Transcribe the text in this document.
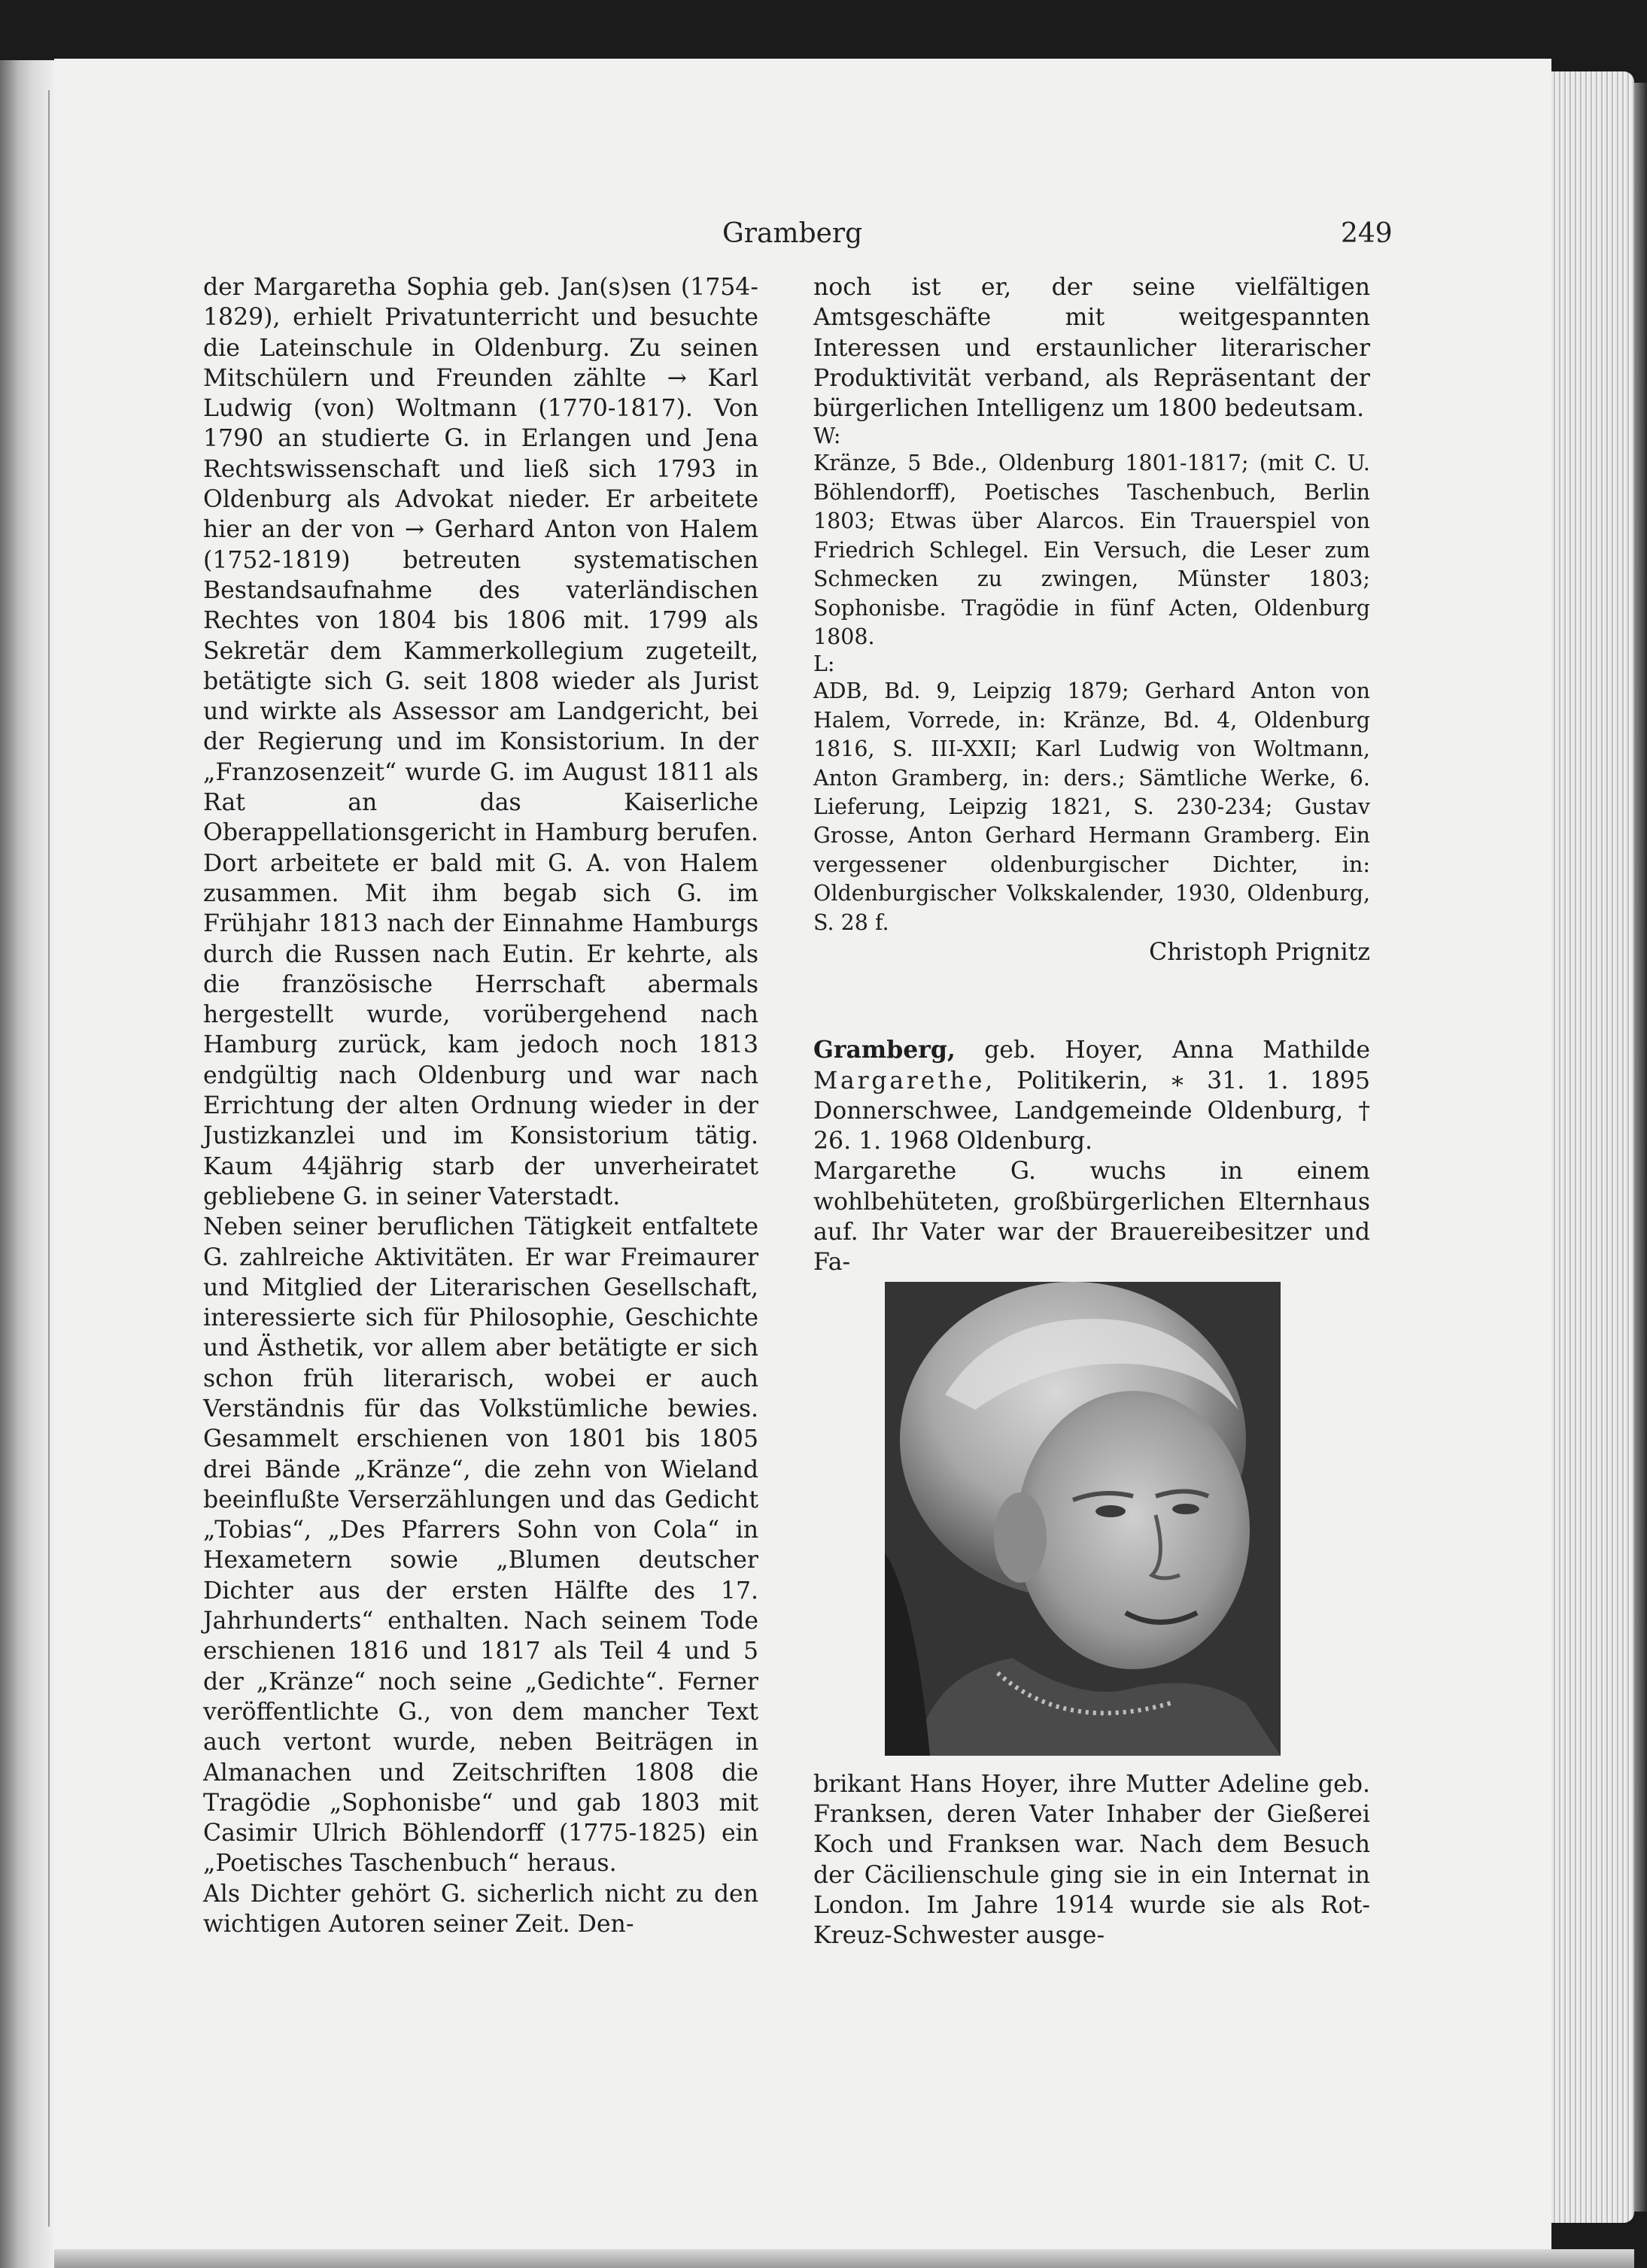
Gramberg	249

der Margaretha Sophia geb. Jan(s)sen (1754-1829), erhielt Privatunterricht und besuchte die Lateinschule in Oldenburg. Zu seinen Mitschülern und Freunden zählte → Karl Ludwig (von) Woltmann (1770-1817). Von 1790 an studierte G. in Erlangen und Jena Rechtswissenschaft und ließ sich 1793 in Oldenburg als Advokat nieder. Er arbeitete hier an der von → Gerhard Anton von Halem (1752-1819) betreuten systematischen Bestandsaufnahme des vaterländischen Rechtes von 1804 bis 1806 mit. 1799 als Sekretär dem Kammerkollegium zugeteilt, betätigte sich G. seit 1808 wieder als Jurist und wirkte als Assessor am Landgericht, bei der Regierung und im Konsistorium. In der „Franzosenzeit“ wurde G. im August 1811 als Rat an das Kaiserliche Oberappellationsgericht in Hamburg berufen. Dort arbeitete er bald mit G. A. von Halem zusammen. Mit ihm begab sich G. im Frühjahr 1813 nach der Einnahme Hamburgs durch die Russen nach Eutin. Er kehrte, als die französische Herrschaft abermals hergestellt wurde, vorübergehend nach Hamburg zurück, kam jedoch noch 1813 endgültig nach Oldenburg und war nach Errichtung der alten Ordnung wieder in der Justizkanzlei und im Konsistorium tätig. Kaum 44jährig starb der unverheiratet gebliebene G. in seiner Vaterstadt.

Neben seiner beruflichen Tätigkeit entfaltete G. zahlreiche Aktivitäten. Er war Freimaurer und Mitglied der Literarischen Gesellschaft, interessierte sich für Philosophie, Geschichte und Ästhetik, vor allem aber betätigte er sich schon früh literarisch, wobei er auch Verständnis für das Volkstümliche bewies. Gesammelt erschienen von 1801 bis 1805 drei Bände „Kränze“, die zehn von Wieland beeinflußte Verserzählungen und das Gedicht „Tobias“, „Des Pfarrers Sohn von Cola“ in Hexametern sowie „Blumen deutscher Dichter aus der ersten Hälfte des 17. Jahrhunderts“ enthalten. Nach seinem Tode erschienen 1816 und 1817 als Teil 4 und 5 der „Kränze“ noch seine „Gedichte“. Ferner veröffentlichte G., von dem mancher Text auch vertont wurde, neben Beiträgen in Almanachen und Zeitschriften 1808 die Tragödie „Sophonisbe“ und gab 1803 mit Casimir Ulrich Böhlendorff (1775-1825) ein „Poetisches Taschenbuch“ heraus.

Als Dichter gehört G. sicherlich nicht zu den wichtigen Autoren seiner Zeit. Den-

noch ist er, der seine vielfältigen Amtsgeschäfte mit weitgespannten Interessen und erstaunlicher literarischer Produktivität verband, als Repräsentant der bürgerlichen Intelligenz um 1800 bedeutsam.

W:

Kränze, 5 Bde., Oldenburg 1801-1817; (mit C. U. Böhlendorff), Poetisches Taschenbuch, Berlin 1803; Etwas über Alarcos. Ein Trauerspiel von Friedrich Schlegel. Ein Versuch, die Leser zum Schmecken zu zwingen, Münster 1803; Sophonisbe. Tragödie in fünf Acten, Oldenburg 1808.

L:

ADB, Bd. 9, Leipzig 1879; Gerhard Anton von Halem, Vorrede, in: Kränze, Bd. 4, Oldenburg 1816, S. III-XXII; Karl Ludwig von Woltmann, Anton Gramberg, in: ders.; Sämtliche Werke, 6. Lieferung, Leipzig 1821, S. 230-234; Gustav Grosse, Anton Gerhard Hermann Gramberg. Ein vergessener oldenburgischer Dichter, in: Oldenburgischer Volkskalender, 1930, Oldenburg, S. 28 f.

Christoph Prignitz

Gramberg, geb. Hoyer, Anna Mathilde Margarethe, Politikerin, ∗ 31. 1. 1895 Donnerschwee, Landgemeinde Oldenburg, † 26. 1. 1968 Oldenburg.

Margarethe G. wuchs in einem wohlbehüteten, großbürgerlichen Elternhaus auf. Ihr Vater war der Brauereibesitzer und Fa-

brikant Hans Hoyer, ihre Mutter Adeline geb. Franksen, deren Vater Inhaber der Gießerei Koch und Franksen war. Nach dem Besuch der Cäcilienschule ging sie in ein Internat in London. Im Jahre 1914 wurde sie als Rot-Kreuz-Schwester ausge-
